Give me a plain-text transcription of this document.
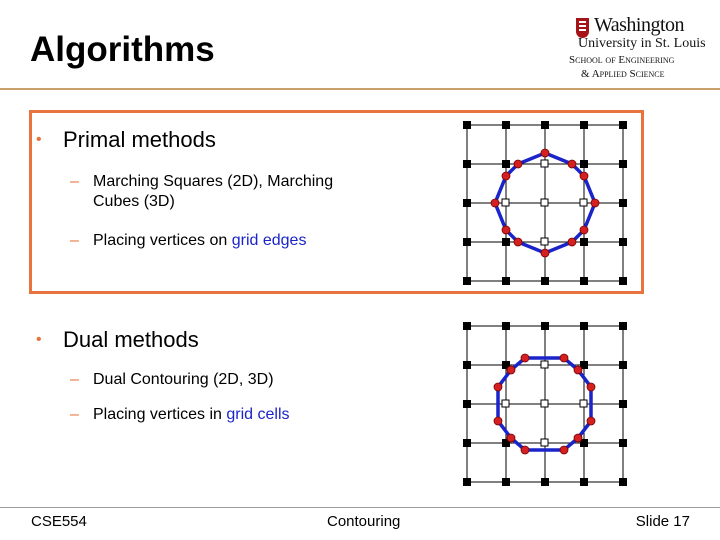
Algorithms
Washington
University in St. Louis
School of Engineering
& Applied Science
• Primal methods
– Marching Squares (2D), Marching Cubes (3D)
– Placing vertices on grid edges
• Dual methods
– Dual Contouring (2D, 3D)
– Placing vertices in grid cells
CSE554	Contouring	Slide 17
